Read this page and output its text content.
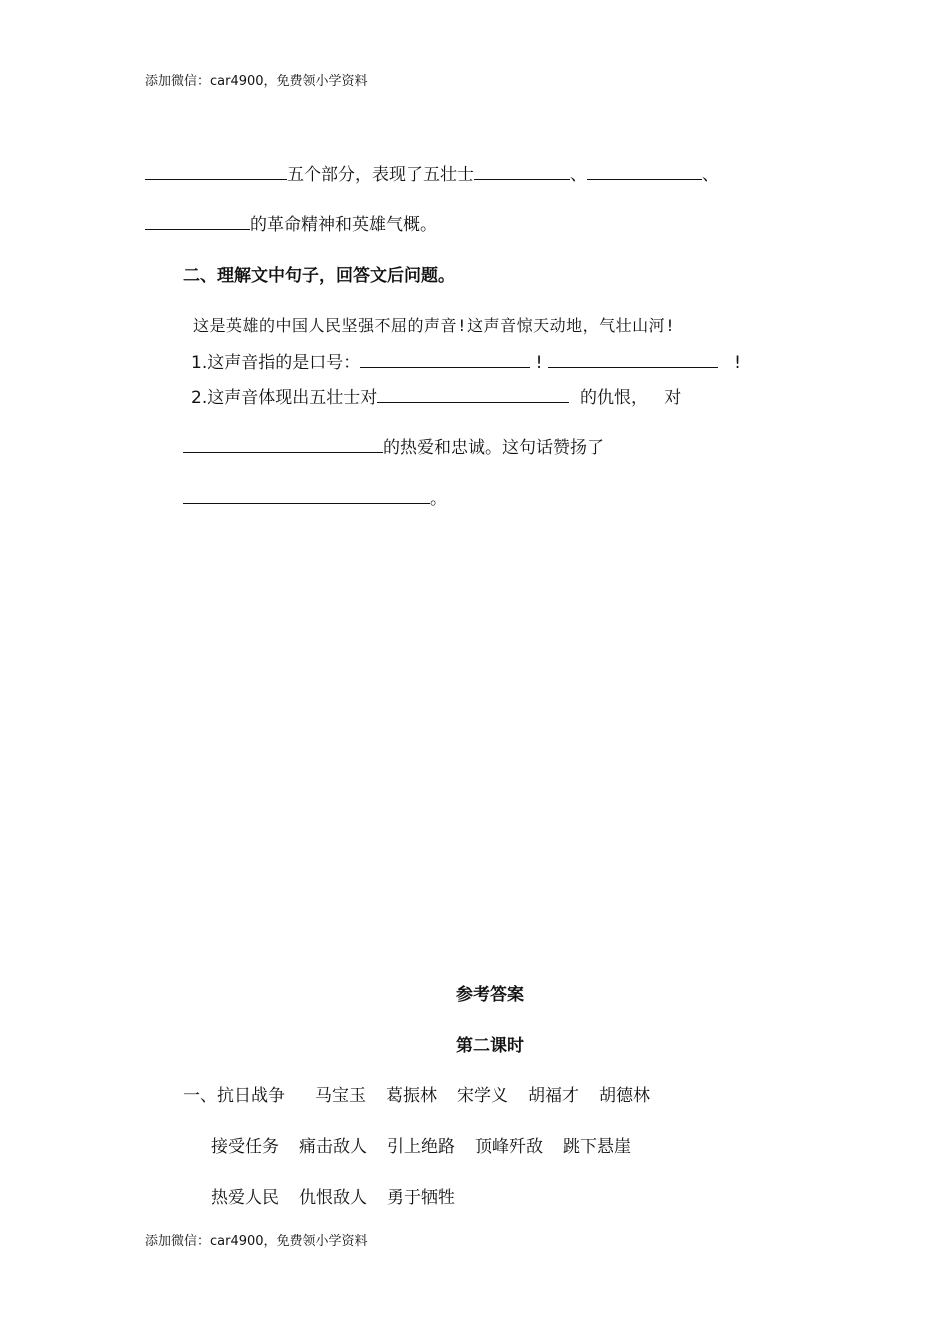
添加微信：car4900，免费领小学资料
五个部分，表现了五壮士	、	、
的革命精神和英雄气概。
二、理解文中句子，回答文后问题。
这是英雄的中国人民坚强不屈的声音!这声音惊天动地，气壮山河!
1.这声音指的是口号：	!	!
2.这声音体现出五壮士对	的仇恨， 对
的热爱和忠诚。这句话赞扬了
。
参考答案
第二课时
一、抗日战争 马宝玉 葛振林 宋学义 胡福才 胡德林
接受任务 痛击敌人 引上绝路 顶峰歼敌 跳下悬崖
热爱人民 仇恨敌人 勇于牺牲
添加微信：car4900，免费领小学资料
